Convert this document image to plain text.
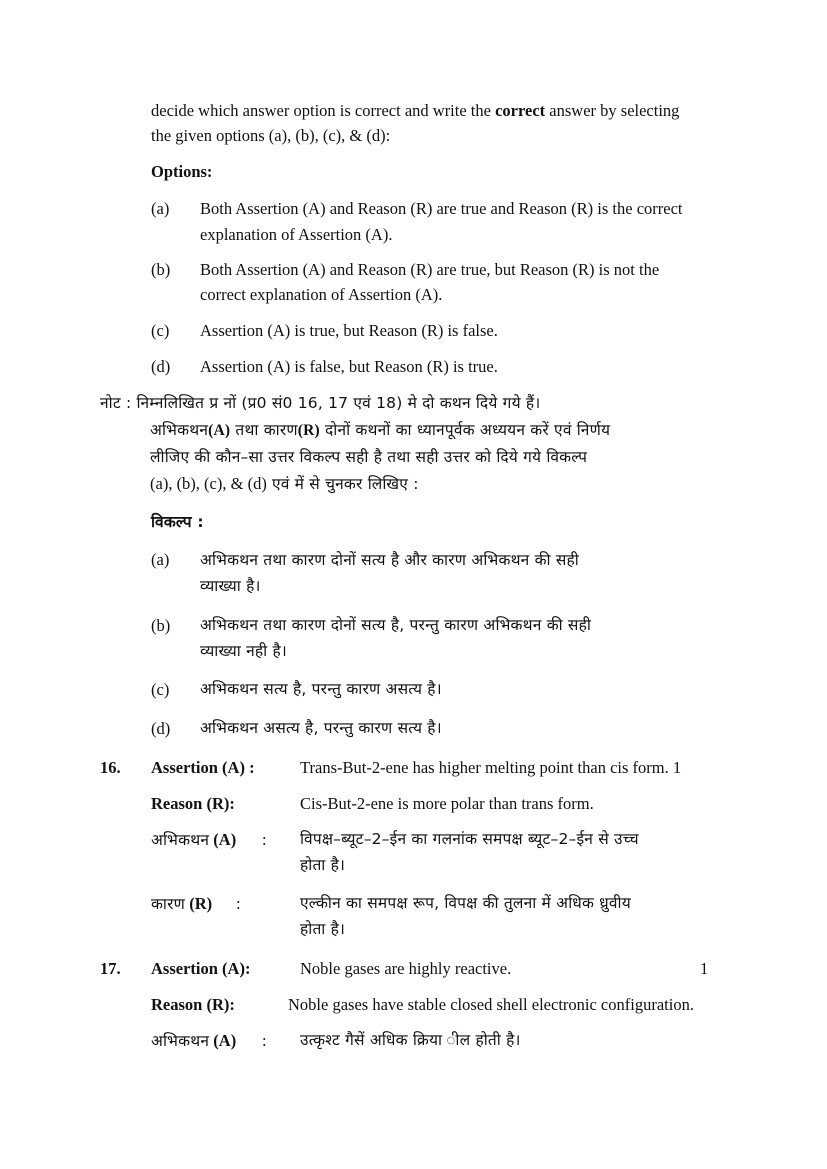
decide which answer option is correct and write the correct answer by selecting
the given options (a), (b), (c), & (d):
Options:
(a) Both Assertion (A) and Reason (R) are true and Reason (R) is the correct
explanation of Assertion (A).
(b) Both Assertion (A) and Reason (R) are true, but Reason (R) is not the
correct explanation of Assertion (A).
(c) Assertion (A) is true, but Reason (R) is false.
(d) Assertion (A) is false, but Reason (R) is true.
नोट : निम्नलिखित प्र नों (प्र0 सं0 16, 17 एवं 18) मे दो कथन दिये गये हैं।
अभिकथन(A) तथा कारण(R) दोनों कथनों का ध्यानपूर्वक अध्ययन करें एवं निर्णय
लीजिए की कौन–सा उत्तर विकल्प सही है तथा सही उत्तर को दिये गये विकल्प
(a), (b), (c), & (d) एवं में से चुनकर लिखिए :
विकल्प :
(a) अभिकथन तथा कारण दोनों सत्य है और कारण अभिकथन की सही
व्याख्या है।
(b) अभिकथन तथा कारण दोनों सत्य है, परन्तु कारण अभिकथन की सही
व्याख्या नही है।
(c) अभिकथन सत्य है, परन्तु कारण असत्य है।
(d) अभिकथन असत्य है, परन्तु कारण सत्य है।
16. Assertion (A) :	Trans-But-2-ene has higher melting point than cis form. 1
Reason (R):	Cis-But-2-ene is more polar than trans form.
अभिकथन (A) : विपक्ष–ब्यूट–2–ईन का गलनांक समपक्ष ब्यूट–2–ईन से उच्च
होता है।
कारण (R) :	एल्कीन का समपक्ष रूप, विपक्ष की तुलना में अधिक ध्रुवीय
होता है।
17. Assertion (A):	Noble gases are highly reactive.	1
Reason (R):	Noble gases have stable closed shell electronic configuration.
अभिकथन (A) : उत्कृश्ट गैसें अधिक क्रिया ील होती है।
